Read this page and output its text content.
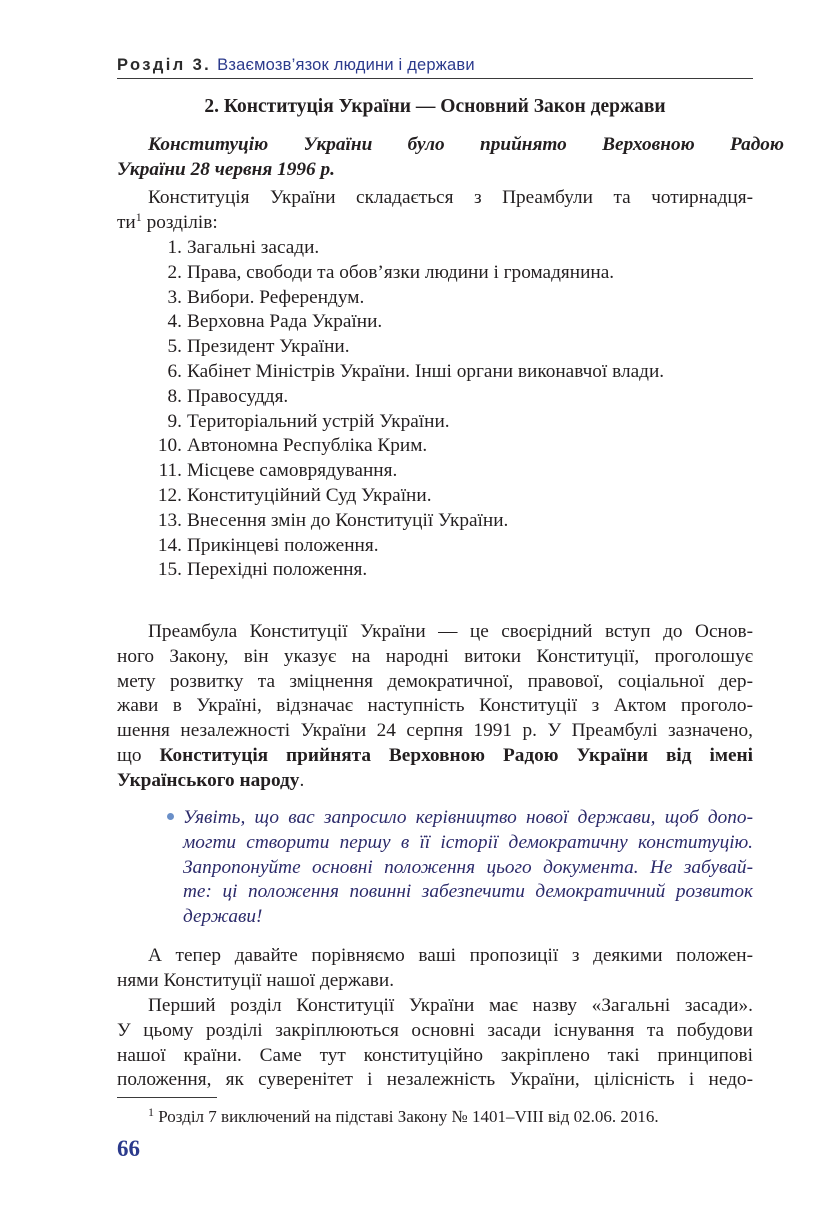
Розділ 3. Взаємозв’язок людини і держави
2. Конституція України — Основний Закон держави
Конституцію України було прийнято Верховною Радою
України 28 червня 1996 р.
Конституція України складається з Преамбули та чотирнадця-
$ти^1$ розділів:
1. Загальні засади.
2. Права, свободи та обов’язки людини і громадянина.
3. Вибори. Референдум.
4. Верховна Рада України.
5. Президент України.
6. Кабінет Міністрів України. Інші органи виконавчої влади.
8. Правосуддя.
9. Територіальний устрій України.
10. Автономна Республіка Крим.
11. Місцеве самоврядування.
12. Конституційний Суд України.
13. Внесення змін до Конституції України.
14. Прикінцеві положення.
15. Перехідні положення.
Преамбула Конституції України — це своєрідний вступ до Основ-
ного Закону, він указує на народні витоки Конституції, проголошує
мету розвитку та зміцнення демократичної, правової, соціальної дер-
жави в Україні, відзначає наступність Конституції з Актом проголо-
шення незалежності України 24 серпня 1991 р. У Преамбулі зазначено,
що Конституція прийнята Верховною Радою України від імені
Українського народу.
Уявіть, що вас запросило керівництво нової держави, щоб допо-
могти створити першу в її історії демократичну конституцію.
Запропонуйте основні положення цього документа. Не забувай-
те: ці положення повинні забезпечити демократичний розвиток
держави!
А тепер давайте порівняємо ваші пропозиції з деякими положен-
нями Конституції нашої держави.
Перший розділ Конституції України має назву «Загальні засади».
У цьому розділі закріплюються основні засади існування та побудови
нашої країни. Саме тут конституційно закріплено такі принципові
положення, як суверенітет і незалежність України, цілісність і недо-
$^1$ Розділ 7 виключений на підставі Закону № 1401–VIII від 02.06. 2016.
66
